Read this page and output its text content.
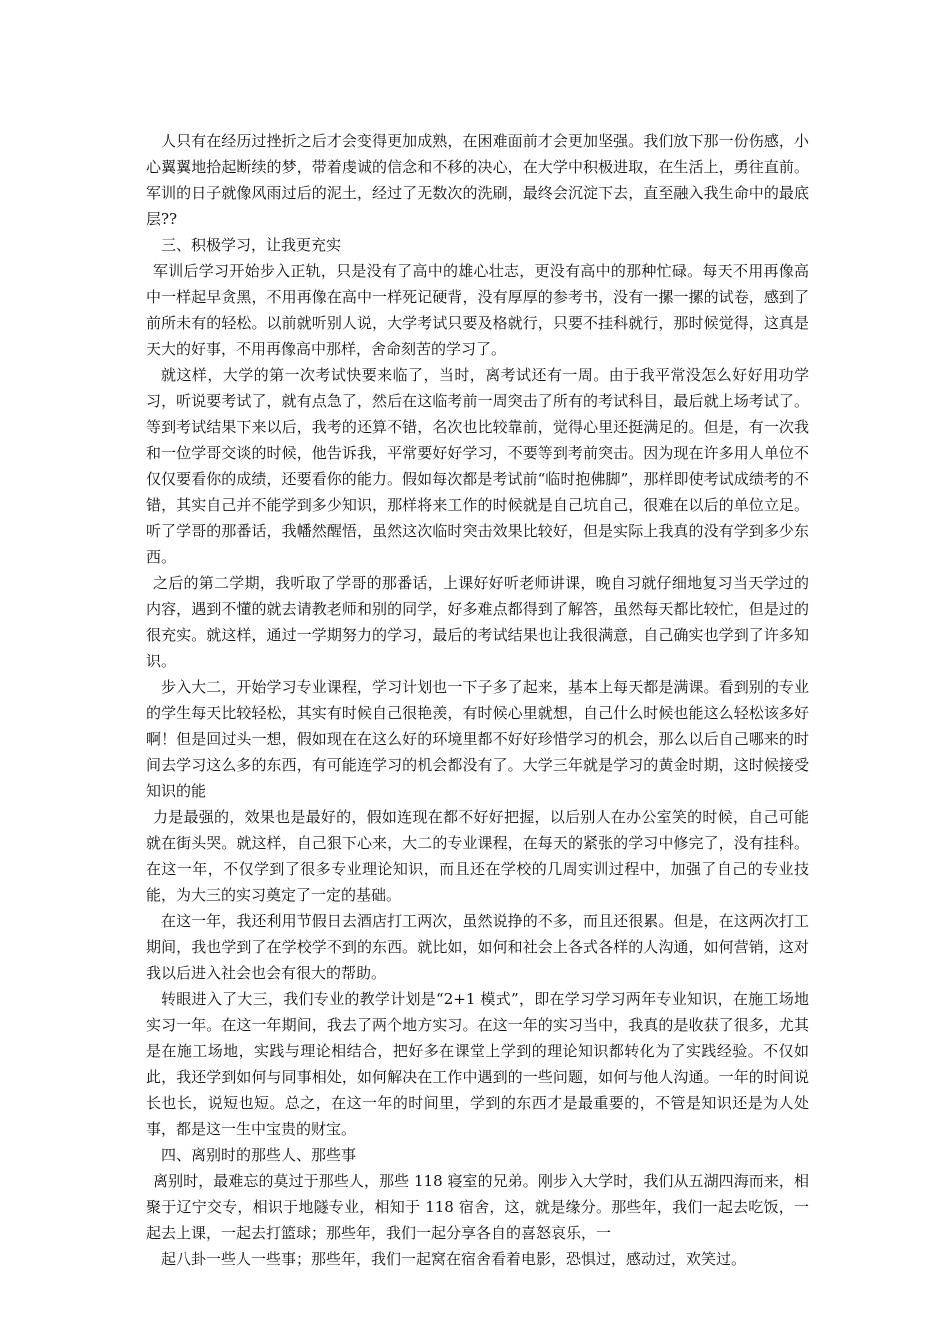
人只有在经历过挫折之后才会变得更加成熟，在困难面前才会更加坚强。我们放下那一份伤感，小心翼翼地拾起断续的梦，带着虔诚的信念和不移的决心，在大学中积极进取，在生活上，勇往直前。军训的日子就像风雨过后的泥土，经过了无数次的洗刷，最终会沉淀下去，直至融入我生命中的最底层??

三、积极学习，让我更充实

军训后学习开始步入正轨，只是没有了高中的雄心壮志，更没有高中的那种忙碌。每天不用再像高中一样起早贪黑，不用再像在高中一样死记硬背，没有厚厚的参考书，没有一摞一摞的试卷，感到了前所未有的轻松。以前就听别人说，大学考试只要及格就行，只要不挂科就行，那时候觉得，这真是天大的好事，不用再像高中那样，舍命刻苦的学习了。

就这样，大学的第一次考试快要来临了，当时，离考试还有一周。由于我平常没怎么好好用功学习，听说要考试了，就有点急了，然后在这临考前一周突击了所有的考试科目，最后就上场考试了。等到考试结果下来以后，我考的还算不错，名次也比较靠前，觉得心里还挺满足的。但是，有一次我和一位学哥交谈的时候，他告诉我，平常要好好学习，不要等到考前突击。因为现在许多用人单位不仅仅要看你的成绩，还要看你的能力。假如每次都是考试前“临时抱佛脚”，那样即使考试成绩考的不错，其实自己并不能学到多少知识，那样将来工作的时候就是自己坑自己，很难在以后的单位立足。听了学哥的那番话，我幡然醒悟，虽然这次临时突击效果比较好，但是实际上我真的没有学到多少东西。

之后的第二学期，我听取了学哥的那番话，上课好好听老师讲课，晚自习就仔细地复习当天学过的内容，遇到不懂的就去请教老师和别的同学，好多难点都得到了解答，虽然每天都比较忙，但是过的很充实。就这样，通过一学期努力的学习，最后的考试结果也让我很满意，自己确实也学到了许多知识。

步入大二，开始学习专业课程，学习计划也一下子多了起来，基本上每天都是满课。看到别的专业的学生每天比较轻松，其实有时候自己很艳羡，有时候心里就想，自己什么时候也能这么轻松该多好啊！但是回过头一想，假如现在在这么好的环境里都不好好珍惜学习的机会，那么以后自己哪来的时间去学习这么多的东西，有可能连学习的机会都没有了。大学三年就是学习的黄金时期，这时候接受知识的能

力是最强的，效果也是最好的，假如连现在都不好好把握，以后别人在办公室笑的时候，自己可能就在街头哭。就这样，自己狠下心来，大二的专业课程，在每天的紧张的学习中修完了，没有挂科。在这一年，不仅学到了很多专业理论知识，而且还在学校的几周实训过程中，加强了自己的专业技能，为大三的实习奠定了一定的基础。

在这一年，我还利用节假日去酒店打工两次，虽然说挣的不多，而且还很累。但是，在这两次打工期间，我也学到了在学校学不到的东西。就比如，如何和社会上各式各样的人沟通，如何营销，这对我以后进入社会也会有很大的帮助。

转眼进入了大三，我们专业的教学计划是“2+1 模式”，即在学习学习两年专业知识，在施工场地实习一年。在这一年期间，我去了两个地方实习。在这一年的实习当中，我真的是收获了很多，尤其是在施工场地，实践与理论相结合，把好多在课堂上学到的理论知识都转化为了实践经验。不仅如此，我还学到如何与同事相处，如何解决在工作中遇到的一些问题，如何与他人沟通。一年的时间说长也长，说短也短。总之，在这一年的时间里，学到的东西才是最重要的，不管是知识还是为人处事，都是这一生中宝贵的财宝。

四、离别时的那些人、那些事

离别时，最难忘的莫过于那些人，那些 118 寝室的兄弟。刚步入大学时，我们从五湖四海而来，相聚于辽宁交专，相识于地隧专业，相知于 118 宿舍，这，就是缘分。那些年，我们一起去吃饭，一起去上课，一起去打篮球；那些年，我们一起分享各自的喜怒哀乐，一

起八卦一些人一些事；那些年，我们一起窝在宿舍看着电影，恐惧过，感动过，欢笑过。
